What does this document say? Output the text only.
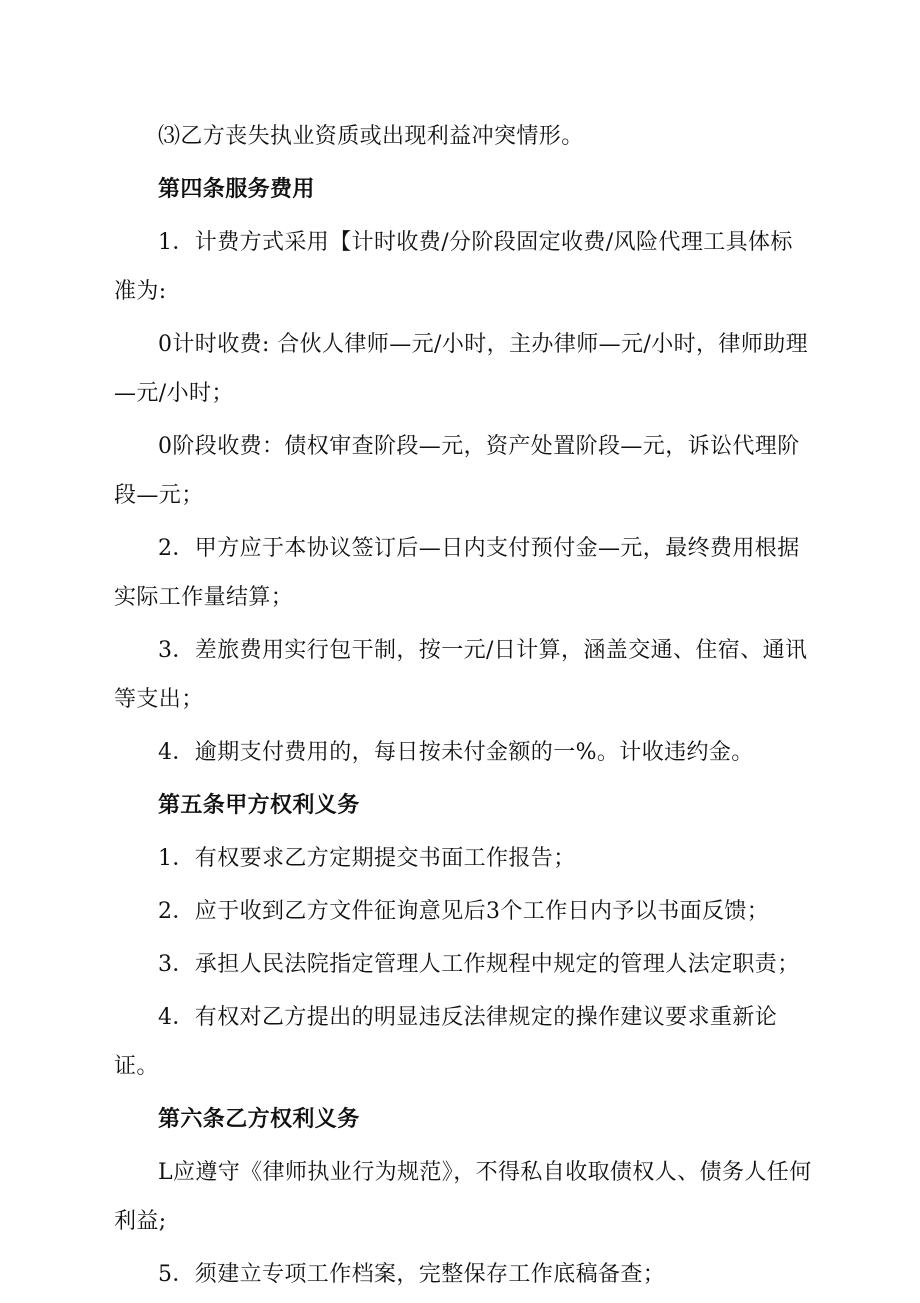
⑶乙方丧失执业资质或出现利益冲突情形。

第四条服务费用

1．计费方式采用【计时收费/分阶段固定收费/风险代理工具体标准为:

0计时收费: 合伙人律师—元/小时，主办律师—元/小时，律师助理—元/小时；

0阶段收费：债权审查阶段—元，资产处置阶段—元，诉讼代理阶段—元；

2．甲方应于本协议签订后—日内支付预付金—元，最终费用根据实际工作量结算；

3．差旅费用实行包干制，按一元/日计算，涵盖交通、住宿、通讯等支出；

4．逾期支付费用的，每日按未付金额的一%。计收违约金。

第五条甲方权利义务

1．有权要求乙方定期提交书面工作报告；

2．应于收到乙方文件征询意见后3个工作日内予以书面反馈；

3．承担人民法院指定管理人工作规程中规定的管理人法定职责；

4．有权对乙方提出的明显违反法律规定的操作建议要求重新论证。

第六条乙方权利义务

L应遵守《律师执业行为规范》，不得私自收取债权人、债务人任何利益;

5．须建立专项工作档案，完整保存工作底稿备查；
